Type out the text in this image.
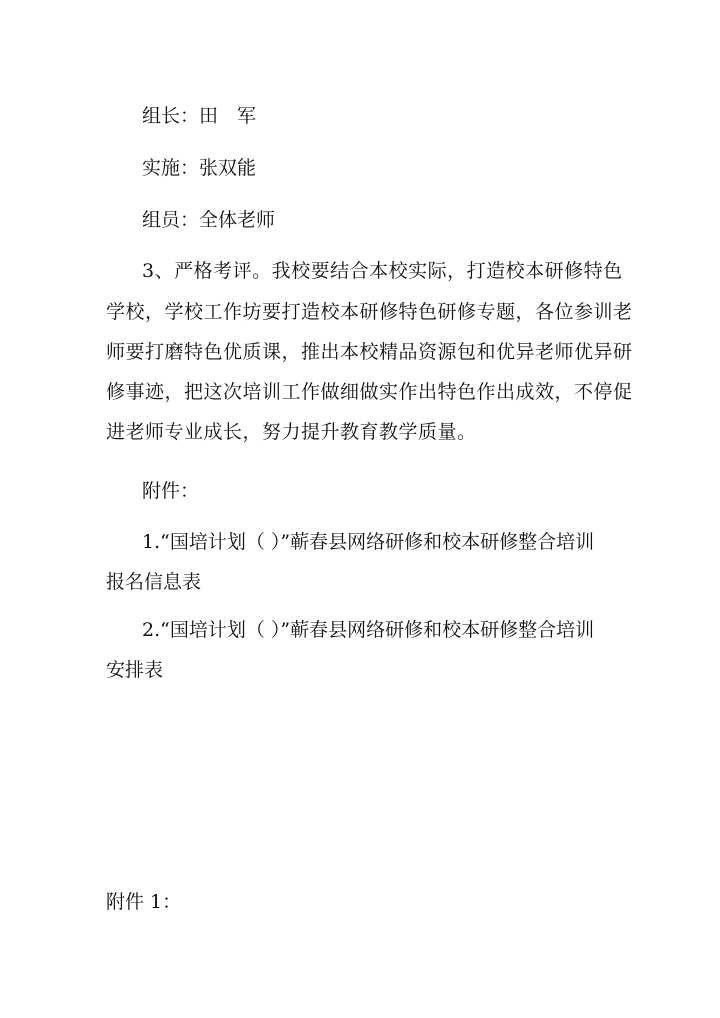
组长：田　军

实施：张双能

组员：全体老师

3、严格考评。我校要结合本校实际，打造校本研修特色

学校，学校工作坊要打造校本研修特色研修专题，各位参训老

师要打磨特色优质课，推出本校精品资源包和优异老师优异研

修事迹，把这次培训工作做细做实作出特色作出成效，不停促

进老师专业成长，努力提升教育教学质量。

附件：

1.“国培计划（ ）”蕲春县网络研修和校本研修整合培训

报名信息表

2.“国培计划（ ）”蕲春县网络研修和校本研修整合培训

安排表

附件 1：
